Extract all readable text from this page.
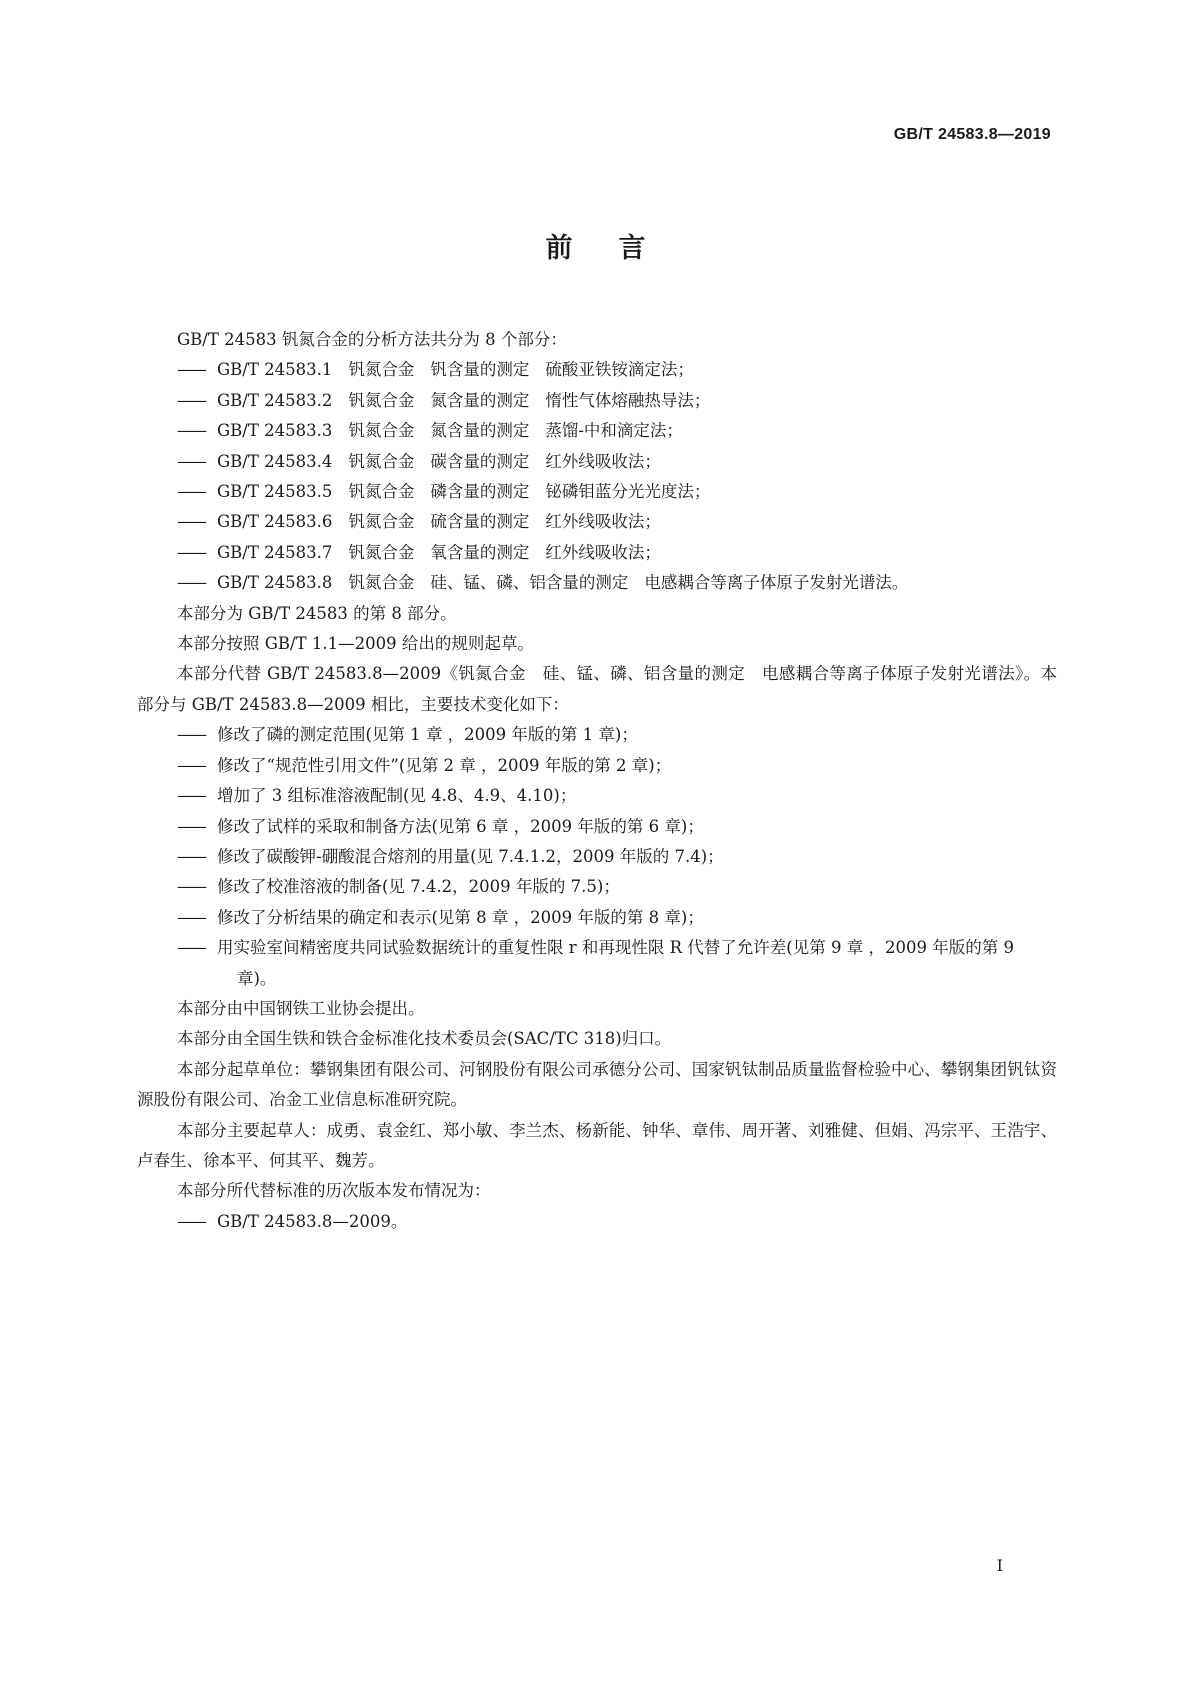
GB/T 24583.8—2019
前言

GB/T 24583 钒氮合金的分析方法共分为 8 个部分：

—— GB/T 24583.1 钒氮合金 钒含量的测定 硫酸亚铁铵滴定法；

—— GB/T 24583.2 钒氮合金 氮含量的测定 惰性气体熔融热导法；

—— GB/T 24583.3 钒氮合金 氮含量的测定 蒸馏-中和滴定法；

—— GB/T 24583.4 钒氮合金 碳含量的测定 红外线吸收法；

—— GB/T 24583.5 钒氮合金 磷含量的测定 铋磷钼蓝分光光度法；

—— GB/T 24583.6 钒氮合金 硫含量的测定 红外线吸收法；

—— GB/T 24583.7 钒氮合金 氧含量的测定 红外线吸收法；

—— GB/T 24583.8 钒氮合金 硅、锰、磷、铝含量的测定 电感耦合等离子体原子发射光谱法。

本部分为 GB/T 24583 的第 8 部分。

本部分按照 GB/T 1.1—2009 给出的规则起草。

本部分代替 GB/T 24583.8—2009《钒氮合金　硅、锰、磷、铝含量的测定　电感耦合等离子体原子发射光谱法》。本部分与 GB/T 24583.8—2009 相比，主要技术变化如下：

—— 修改了磷的测定范围(见第 1 章 ，2009 年版的第 1 章)；

—— 修改了“规范性引用文件”(见第 2 章 ，2009 年版的第 2 章)；

—— 增加了 3 组标准溶液配制(见 4.8、4.9、4.10)；

—— 修改了试样的采取和制备方法(见第 6 章 ，2009 年版的第 6 章)；

—— 修改了碳酸钾-硼酸混合熔剂的用量(见 7.4.1.2，2009 年版的 7.4)；

—— 修改了校准溶液的制备(见 7.4.2，2009 年版的 7.5)；

—— 修改了分析结果的确定和表示(见第 8 章 ，2009 年版的第 8 章)；

—— 用实验室间精密度共同试验数据统计的重复性限 r 和再现性限 R 代替了允许差(见第 9 章 ，2009 年版的第 9 章)。

本部分由中国钢铁工业协会提出。

本部分由全国生铁和铁合金标准化技术委员会(SAC/TC 318)归口。

本部分起草单位：攀钢集团有限公司、河钢股份有限公司承德分公司、国家钒钛制品质量监督检验中心、攀钢集团钒钛资源股份有限公司、冶金工业信息标准研究院。

本部分主要起草人：成勇、袁金红、郑小敏、李兰杰、杨新能、钟华、章伟、周开著、刘雅健、但娟、冯宗平、王浩宇、卢春生、徐本平、何其平、魏芳。

本部分所代替标准的历次版本发布情况为：

—— GB/T 24583.8—2009。

I
